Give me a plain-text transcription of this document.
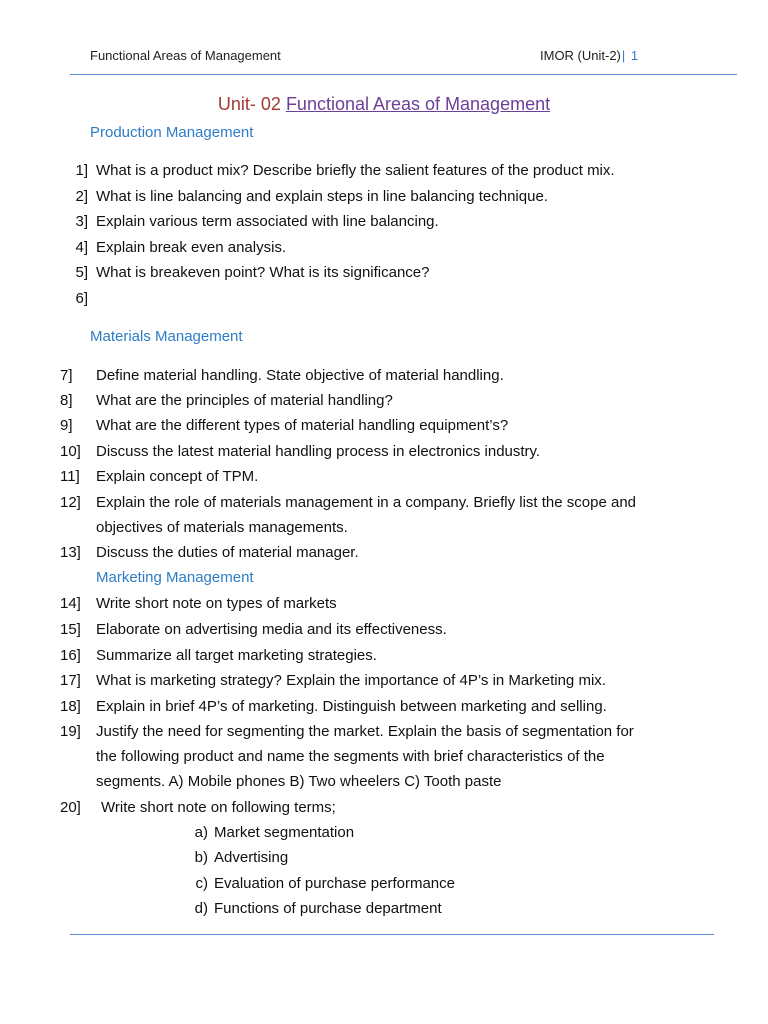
Functional Areas of Management	IMOR (Unit-2)| 1
Unit- 02 Functional Areas of Management
Production Management
1] What is a product mix? Describe briefly the salient features of the product mix.
2] What is line balancing and explain steps in line balancing technique.
3] Explain various term associated with line balancing.
4] Explain break even analysis.
5] What is breakeven point? What is its significance?
6]
Materials Management
7]	Define material handling. State objective of material handling.
8]	What are the principles of material handling?
9]	What are the different types of material handling equipment’s?
10] Discuss the latest material handling process in electronics industry.
11] Explain concept of TPM.
12] Explain the role of materials management in a company. Briefly list the scope and
objectives of materials managements.
13] Discuss the duties of material manager.
Marketing Management
14] Write short note on types of markets
15] Elaborate on advertising media and its effectiveness.
16] Summarize all target marketing strategies.
17] What is marketing strategy? Explain the importance of 4P’s in Marketing mix.
18] Explain in brief 4P’s of marketing. Distinguish between marketing and selling.
19] Justify the need for segmenting the market. Explain the basis of segmentation for
the following product and name the segments with brief characteristics of the
segments. A) Mobile phones B) Two wheelers C) Tooth paste
20]	Write short note on following terms;
a) Market segmentation
b) Advertising
c) Evaluation of purchase performance
d) Functions of purchase department
